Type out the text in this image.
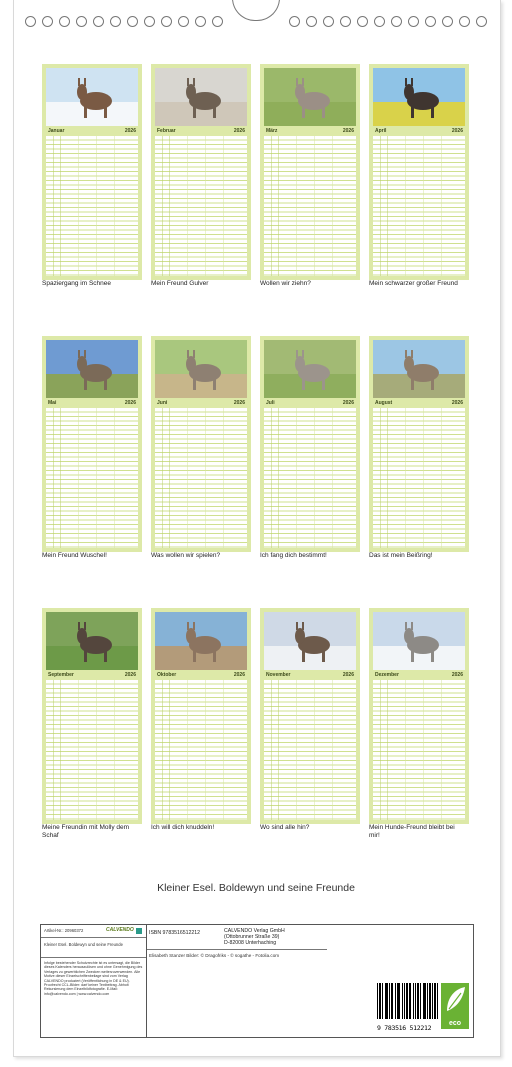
Januar	2026
Spaziergang im Schnee
Februar	2026
Mein Freund Gulver
März	2026
Wollen wir ziehn?
April	2026
Mein schwarzer großer Freund
Mai	2026
Mein Freund Wuschel!
Juni	2026
Was wollen wir spielen?
Juli	2026
Ich fang dich bestimmt!
August	2026
Das ist mein Beißring!
September	2026
Meine Freundin mit Molly dem Schaf
Oktober	2026
Ich will dich knuddeln!
November	2026
Wo sind alle hin?
Dezember	2026
Mein Hunde-Freund bleibt bei mir!
Kleiner Esel. Boldewyn und seine Freunde
Artikel-Nr.: 20960372	CALVENDO
Kleiner Esel. Boldewyn und seine Freunde
Infolge bestehender Schutzrechte ist es untersagt, die Bilder dieses Kalenders herauszulösen und ohne Genehmigung des Verlages zu gewerblichen Zwecken weiterzuverwenden. Alle Motive dieser Einzelschriftenbeilage sind vom Verlag CALVENDO produziert (Veröffentlichung in DE & EU). Proofrecht CCL-Bilder: darf keiner Textbeitrag. Abholt Rekursierung dem Einzelbildfotografie. E-Mail: info@calvendo.com | www.calvendo.com
ISBN 9783516512212	CALVENDO Verlag GmbH
(Ottobrunner Straße 39)
D-82008 Unterhaching
Elisabeth Stanzer Bilder: © Dragofriks - © sogathe - Fotolia.com
9 783516 512212
eco
